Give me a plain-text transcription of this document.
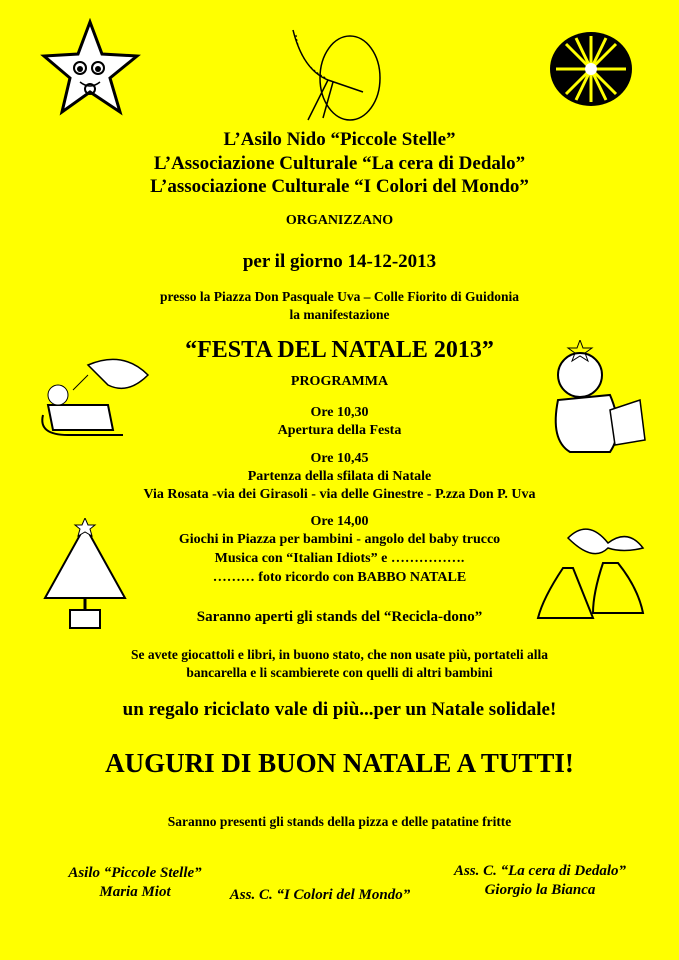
L’Asilo Nido “Piccole Stelle”
L’Associazione Culturale “La cera di Dedalo”
L’associazione Culturale “I Colori del Mondo”
ORGANIZZANO
per il giorno 14-12-2013
presso la Piazza Don Pasquale Uva – Colle Fiorito di Guidonia
la manifestazione
“FESTA DEL NATALE 2013”
PROGRAMMA
Ore 10,30
Apertura della Festa
Ore 10,45
Partenza della sfilata di Natale
Via Rosata -via dei Girasoli - via delle Ginestre - P.zza Don P. Uva
Ore 14,00
Giochi in Piazza per bambini - angolo del baby trucco
Musica con “Italian Idiots” e …………….
……… foto ricordo con BABBO NATALE
Saranno aperti gli stands del “Recicla-dono”
Se avete giocattoli e libri, in buono stato, che non usate più, portateli alla
bancarella e li scambierete con quelli di altri bambini
un regalo riciclato vale di più...per un Natale solidale!
AUGURI DI BUON NATALE A TUTTI!
Saranno presenti gli stands della pizza e delle patatine fritte
Asilo “Piccole Stelle”
Maria Miot	Ass. C. “I Colori del Mondo”
Ass. C. “La cera di Dedalo”
Giorgio la Bianca
